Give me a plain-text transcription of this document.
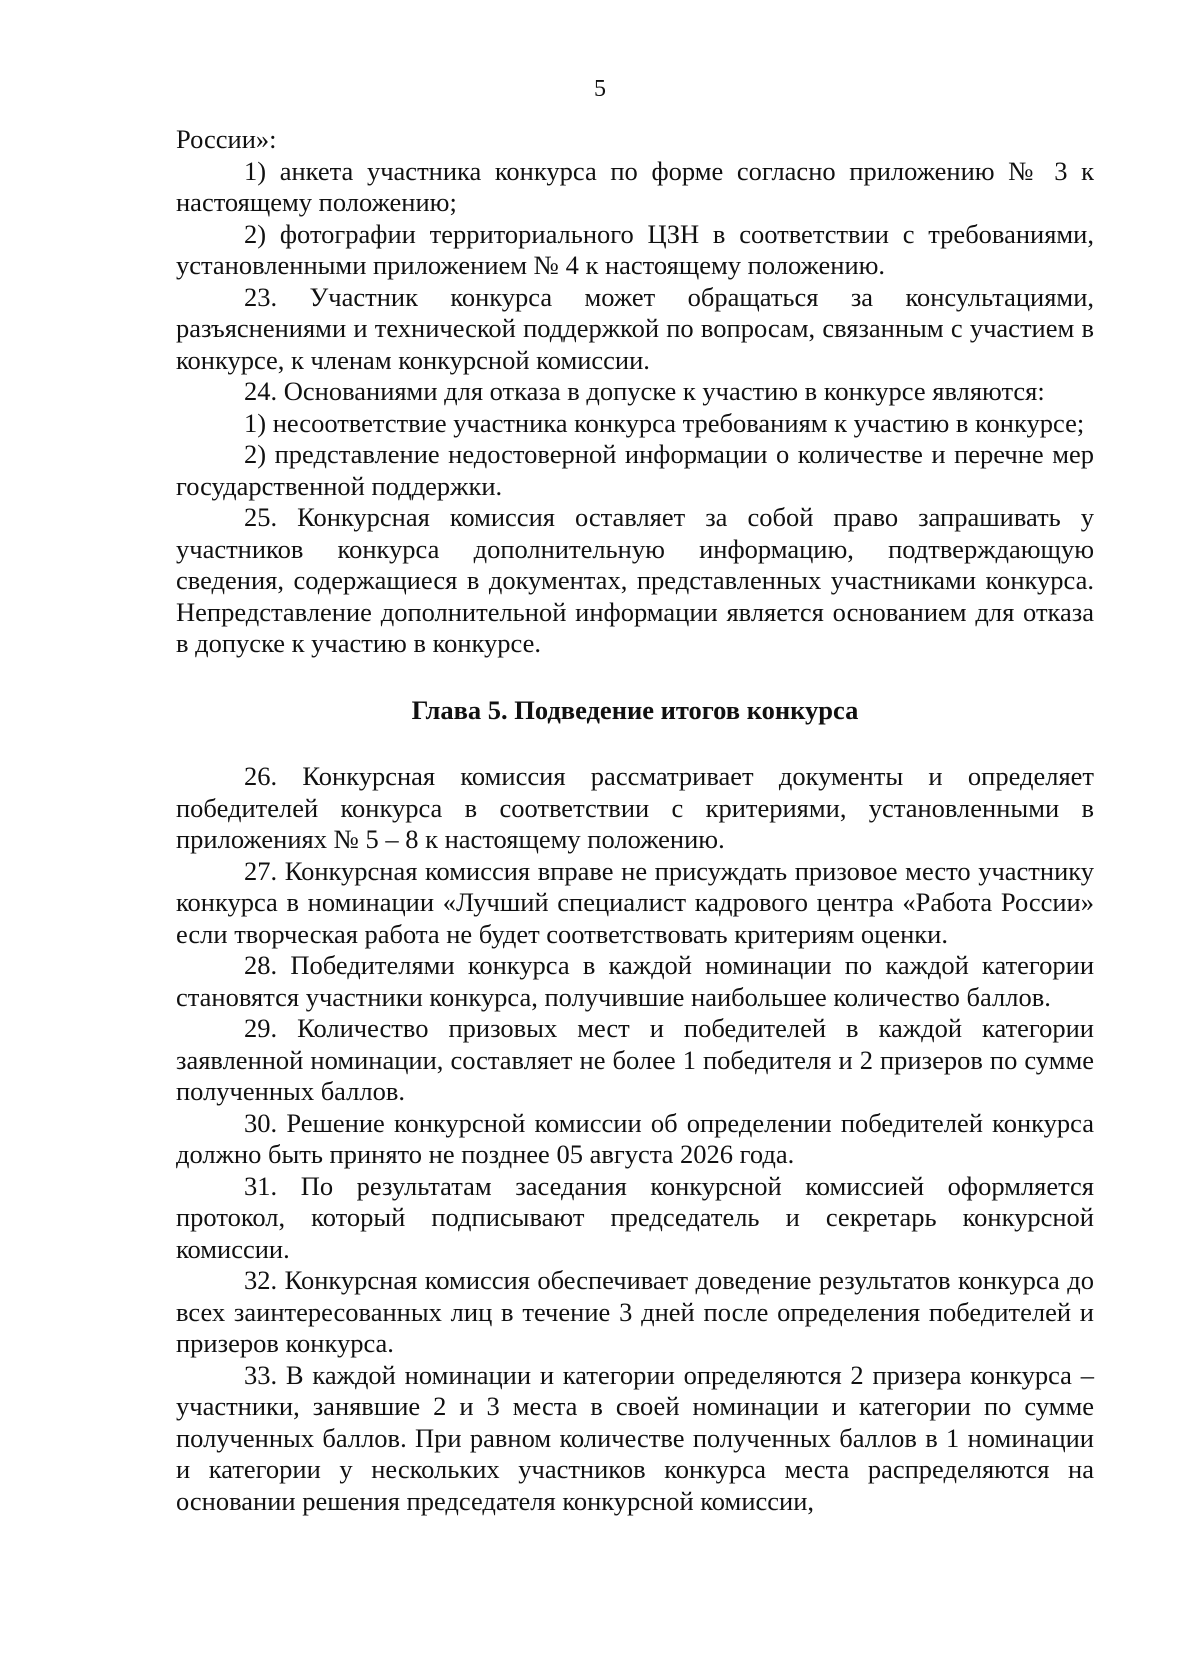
5

России»:

1) анкета участника конкурса по форме согласно приложению № 3 к настоящему положению;

2) фотографии территориального ЦЗН в соответствии с требованиями, установленными приложением № 4 к настоящему положению.

23. Участник конкурса может обращаться за консультациями, разъяснениями и технической поддержкой по вопросам, связанным с участием в конкурсе, к членам конкурсной комиссии.

24. Основаниями для отказа в допуске к участию в конкурсе являются:

1) несоответствие участника конкурса требованиям к участию в конкурсе;

2) представление недостоверной информации о количестве и перечне мер государственной поддержки.

25. Конкурсная комиссия оставляет за собой право запрашивать у участников конкурса дополнительную информацию, подтверждающую сведения, содержащиеся в документах, представленных участниками конкурса. Непредставление дополнительной информации является основанием для отказа в допуске к участию в конкурсе.

Глава 5. Подведение итогов конкурса

26. Конкурсная комиссия рассматривает документы и определяет победителей конкурса в соответствии с критериями, установленными в приложениях № 5 – 8 к настоящему положению.

27. Конкурсная комиссия вправе не присуждать призовое место участнику конкурса в номинации «Лучший специалист кадрового центра «Работа России» если творческая работа не будет соответствовать критериям оценки.

28. Победителями конкурса в каждой номинации по каждой категории становятся участники конкурса, получившие наибольшее количество баллов.

29. Количество призовых мест и победителей в каждой категории заявленной номинации, составляет не более 1 победителя и 2 призеров по сумме полученных баллов.

30. Решение конкурсной комиссии об определении победителей конкурса должно быть принято не позднее 05 августа 2026 года.

31. По результатам заседания конкурсной комиссией оформляется протокол, который подписывают председатель и секретарь конкурсной комиссии.

32. Конкурсная комиссия обеспечивает доведение результатов конкурса до всех заинтересованных лиц в течение 3 дней после определения победителей и призеров конкурса.

33. В каждой номинации и категории определяются 2 призера конкурса – участники, занявшие 2 и 3 места в своей номинации и категории по сумме полученных баллов. При равном количестве полученных баллов в 1 номинации и категории у нескольких участников конкурса места распределяются на основании решения председателя конкурсной комиссии,
